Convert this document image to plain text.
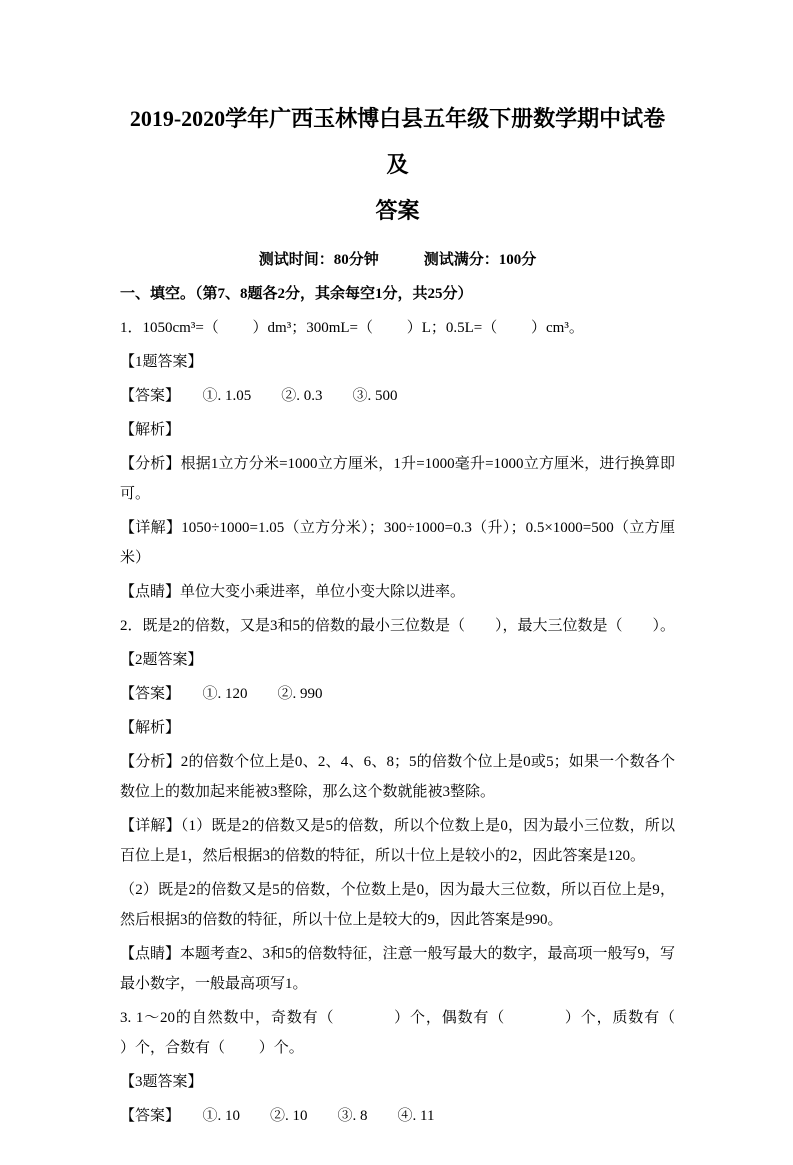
2019-2020学年广西玉林博白县五年级下册数学期中试卷及
答案

测试时间：80分钟　　　测试满分：100分

一、填空。（第7、8题各2分，其余每空1分，共25分）

1．1050cm³=（         ）dm³；300mL=（         ）L；0.5L=（         ）cm³。

【1题答案】

【答案】　　①. 1.05　　②. 0.3　　③. 500

【解析】

【分析】根据1立方分米=1000立方厘米，1升=1000毫升=1000立方厘米，进行换算即可。

【详解】1050÷1000=1.05（立方分米）；300÷1000=0.3（升）；0.5×1000=500（立方厘米）

【点睛】单位大变小乘进率，单位小变大除以进率。

2．既是2的倍数，又是3和5的倍数的最小三位数是（        ），最大三位数是（        ）。

【2题答案】

【答案】　　①. 120　　②. 990

【解析】

【分析】2的倍数个位上是0、2、4、6、8；5的倍数个位上是0或5；如果一个数各个数位上的数加起来能被3整除，那么这个数就能被3整除。

【详解】（1）既是2的倍数又是5的倍数，所以个位数上是0，因为最小三位数，所以百位上是1，然后根据3的倍数的特征，所以十位上是较小的2，因此答案是120。

（2）既是2的倍数又是5的倍数，个位数上是0，因为最大三位数，所以百位上是9，然后根据3的倍数的特征，所以十位上是较大的9，因此答案是990。

【点睛】本题考查2、3和5的倍数特征，注意一般写最大的数字，最高项一般写9，写最小数字，一般最高项写1。

3. 1～20的自然数中，奇数有（             ）个，偶数有（             ）个，质数有（             ）个，合数有（         ）个。

【3题答案】

【答案】　　①. 10　　②. 10　　③. 8　　④. 11
